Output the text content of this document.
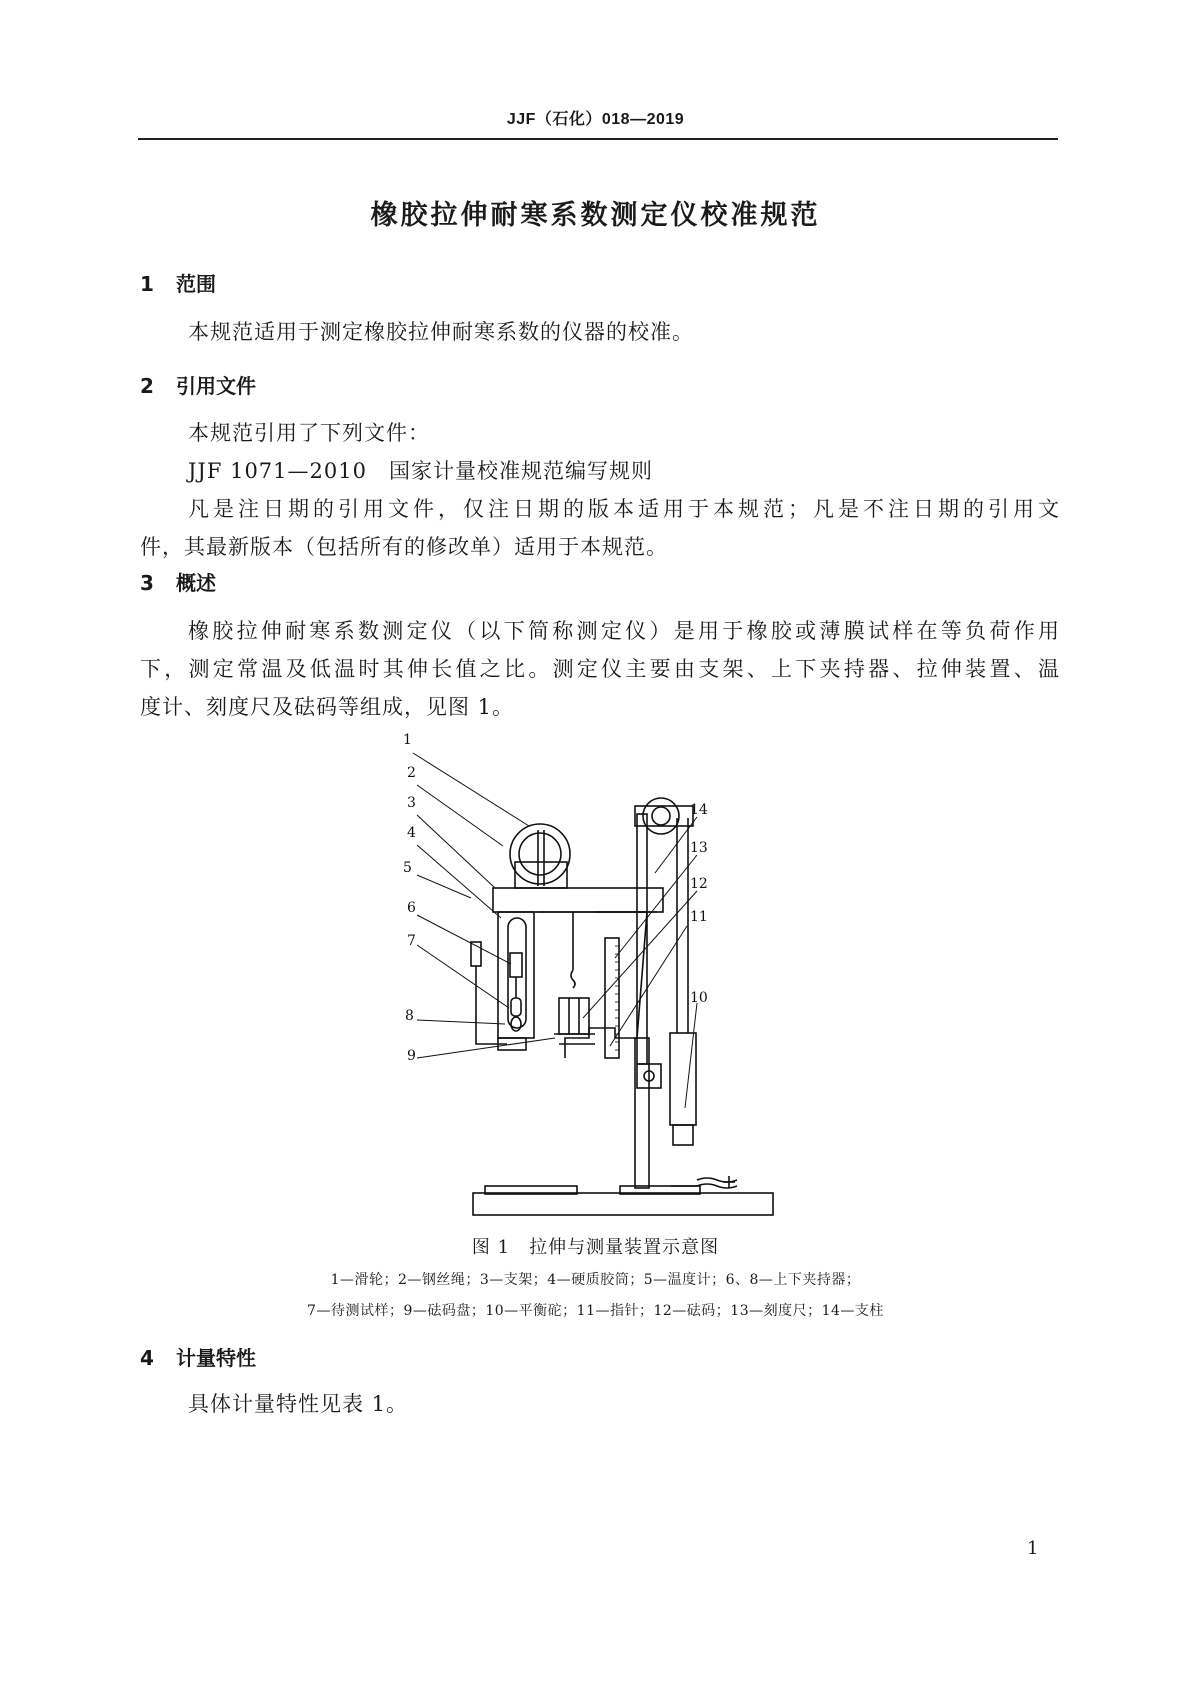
JJF（石化）018—2019
橡胶拉伸耐寒系数测定仪校准规范
1 范围
本规范适用于测定橡胶拉伸耐寒系数的仪器的校准。
2 引用文件
本规范引用了下列文件：
JJF 1071—2010　国家计量校准规范编写规则
凡是注日期的引用文件，仅注日期的版本适用于本规范；凡是不注日期的引用文
件，其最新版本（包括所有的修改单）适用于本规范。
3 概述
橡胶拉伸耐寒系数测定仪（以下简称测定仪）是用于橡胶或薄膜试样在等负荷作用
下，测定常温及低温时其伸长值之比。测定仪主要由支架、上下夹持器、拉伸装置、温
度计、刻度尺及砝码等组成，见图 1。
1
2
3
4
5
6
7
8
9
10
11
12
13
14
图 1　拉伸与测量装置示意图
1—滑轮；2—钢丝绳；3—支架；4—硬质胶筒；5—温度计；6、8—上下夹持器；
7—待测试样；9—砝码盘；10—平衡砣；11—指针；12—砝码；13—刻度尺；14—支柱
4 计量特性
具体计量特性见表 1。
1
